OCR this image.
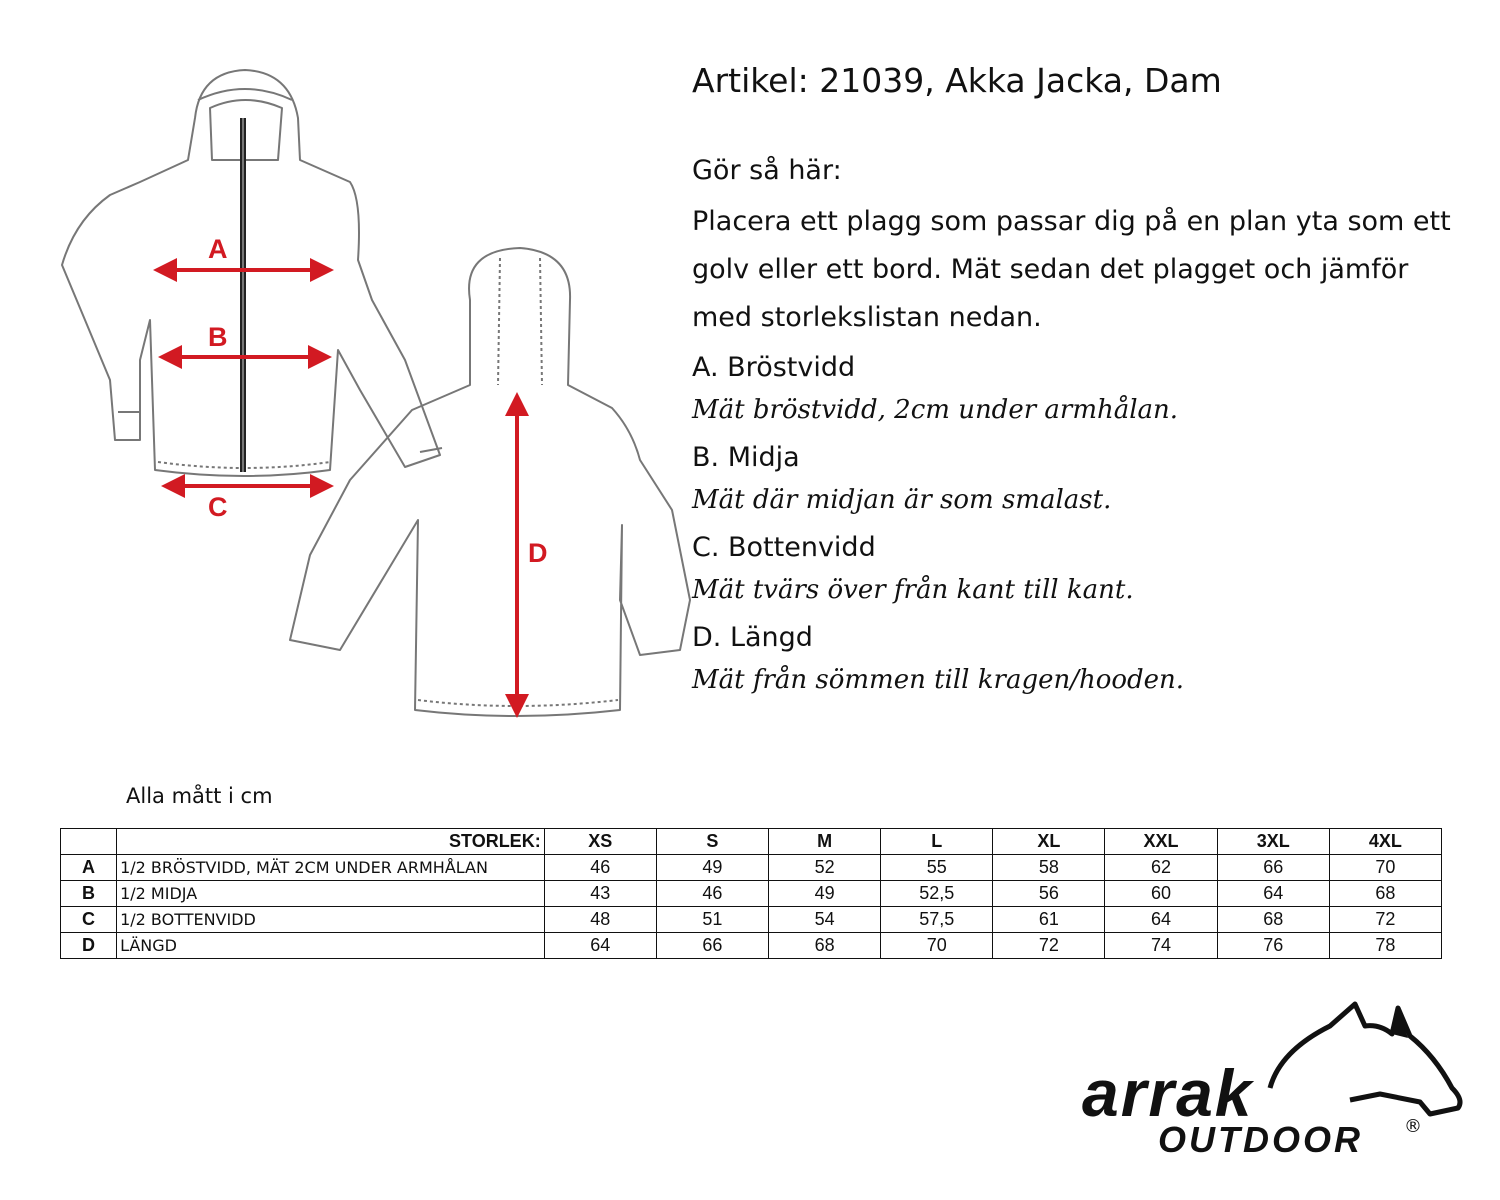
A
B
C
D
Artikel: 21039, Akka Jacka, Dam
Gör så här:
Placera ett plagg som passar dig på en plan yta som ett
golv eller ett bord. Mät sedan det plagget och jämför
med storlekslistan nedan.
A. Bröstvidd
Mät bröstvidd, 2cm under armhålan.
B. Midja
Mät där midjan är som smalast.
C. Bottenvidd
Mät tvärs över från kant till kant.
D. Längd
Mät från sömmen till kragen/hooden.
Alla mått i cm
	STORLEK:	XS	S	M	L	XL	XXL	3XL	4XL
A	1/2 BRÖSTVIDD, MÄT 2CM UNDER ARMHÅLAN	46	49	52	55	58	62	66	70
B	1/2 MIDJA	43	46	49	52,5	56	60	64	68
C	1/2 BOTTENVIDD	48	51	54	57,5	61	64	68	72
D	LÄNGD	64	66	68	70	72	74	76	78
arrak
OUTDOOR ®
